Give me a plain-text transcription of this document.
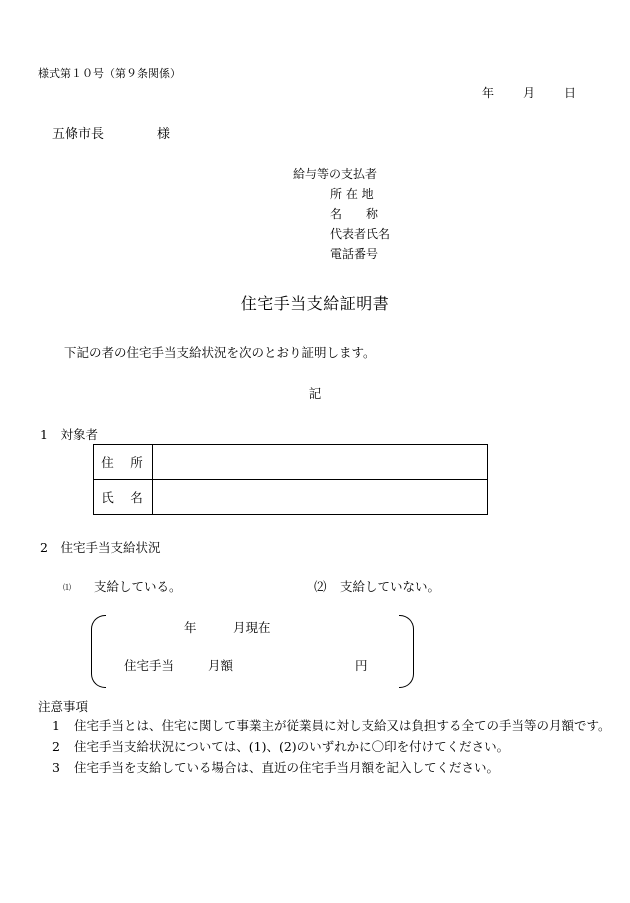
様式第１０号（第９条関係）
年 月 日
五條市長	様
給与等の支払者
所 在 地
名　　称
代表者氏名
電話番号
住宅手当支給証明書
下記の者の住宅手当支給状況を次のとおり証明します。
記
1　対象者
住　所	
氏　名	
2　住宅手当支給状況
⑴ 支給している。	⑵ 支給していない。
年	月現在
住宅手当	月額	円
注意事項
1 住宅手当とは、住宅に関して事業主が従業員に対し支給又は負担する全ての手当等の月額です。
2 住宅手当支給状況については、(1)、(2)のいずれかに〇印を付けてください。
3 住宅手当を支給している場合は、直近の住宅手当月額を記入してください。
